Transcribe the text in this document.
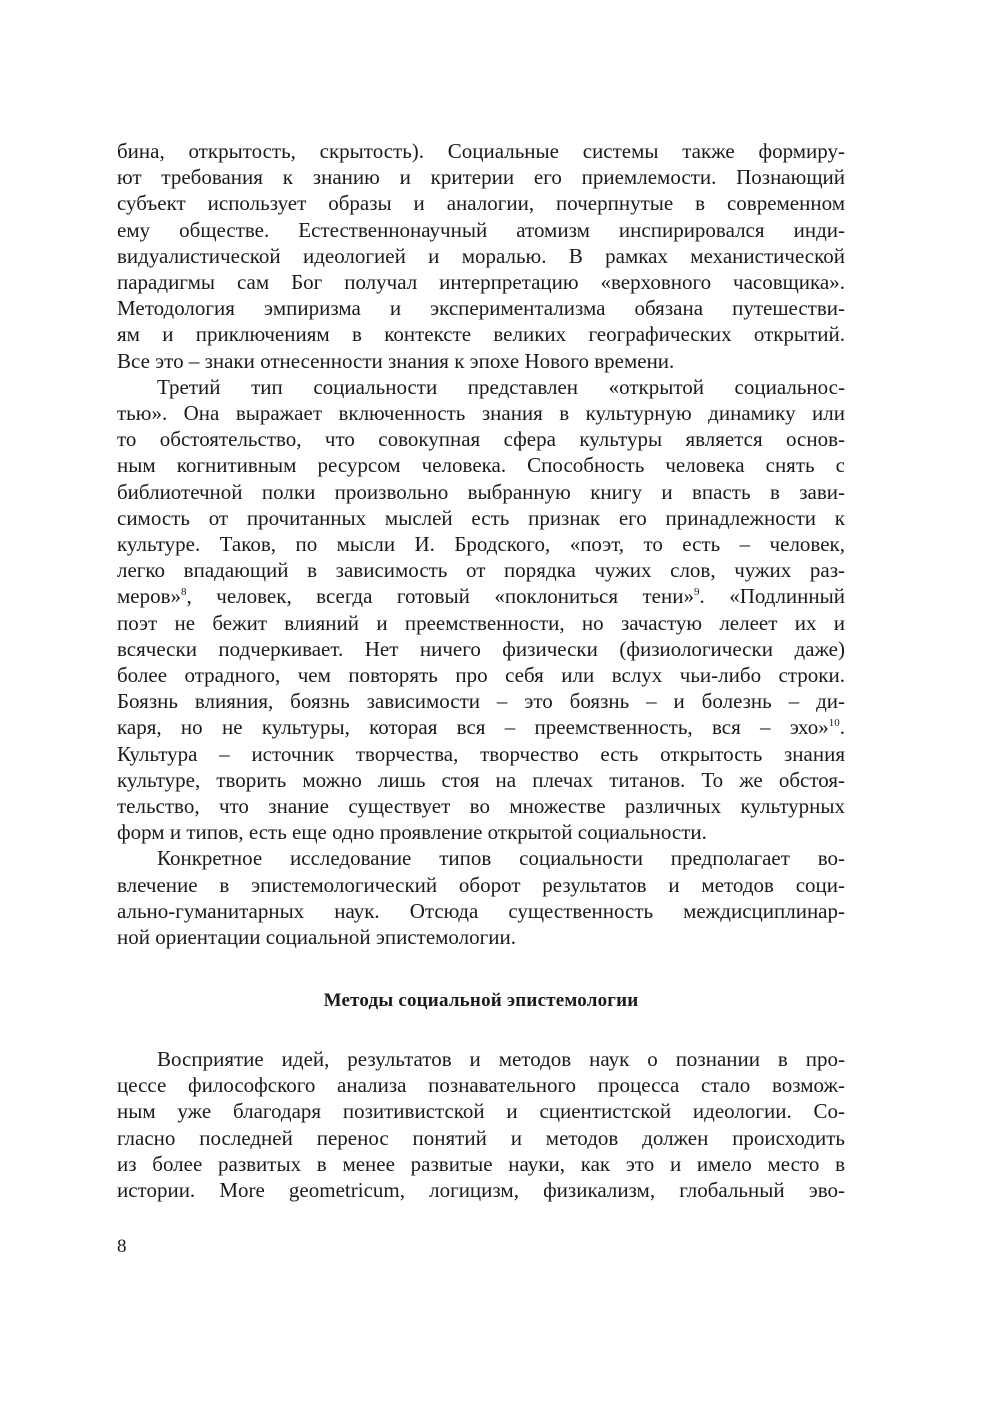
бина, открытость, скрытость). Социальные системы также формиру-
ют требования к знанию и критерии его приемлемости. Познающий
субъект использует образы и аналогии, почерпнутые в современном
ему обществе. Естественнонаучный атомизм инспирировался инди-
видуалистической идеологией и моралью. В рамках механистической
парадигмы сам Бог получал интерпретацию «верховного часовщика».
Методология эмпиризма и экспериментализма обязана путешестви-
ям и приключениям в контексте великих географических открытий.
Все это – знаки отнесенности знания к эпохе Нового времени.

Третий тип социальности представлен «открытой социальнос-
тью». Она выражает включенность знания в культурную динамику или
то обстоятельство, что совокупная сфера культуры является основ-
ным когнитивным ресурсом человека. Способность человека снять с
библиотечной полки произвольно выбранную книгу и впасть в зави-
симость от прочитанных мыслей есть признак его принадлежности к
культуре. Таков, по мысли И. Бродского, «поэт, то есть – человек,
легко впадающий в зависимость от порядка чужих слов, чужих раз-
меров»$^8$, человек, всегда готовый «поклониться тени»$^9$. «Подлинный
поэт не бежит влияний и преемственности, но зачастую лелеет их и
всячески подчеркивает. Нет ничего физически (физиологически даже)
более отрадного, чем повторять про себя или вслух чьи-либо строки.
Боязнь влияния, боязнь зависимости – это боязнь – и болезнь – ди-
каря, но не культуры, которая вся – преемственность, вся – эхо»$^{10}$.
Культура – источник творчества, творчество есть открытость знания
культуре, творить можно лишь стоя на плечах титанов. То же обстоя-
тельство, что знание существует во множестве различных культурных
форм и типов, есть еще одно проявление открытой социальности.

Конкретное исследование типов социальности предполагает во-
влечение в эпистемологический оборот результатов и методов соци-
ально-гуманитарных наук. Отсюда существенность междисциплинар-
ной ориентации социальной эпистемологии.

Методы социальной эпистемологии

Восприятие идей, результатов и методов наук о познании в про-
цессе философского анализа познавательного процесса стало возмож-
ным уже благодаря позитивистской и сциентистской идеологии. Со-
гласно последней перенос понятий и методов должен происходить
из более развитых в менее развитые науки, как это и имело место в
истории. More geometricum, логицизм, физикализм, глобальный эво-

8
